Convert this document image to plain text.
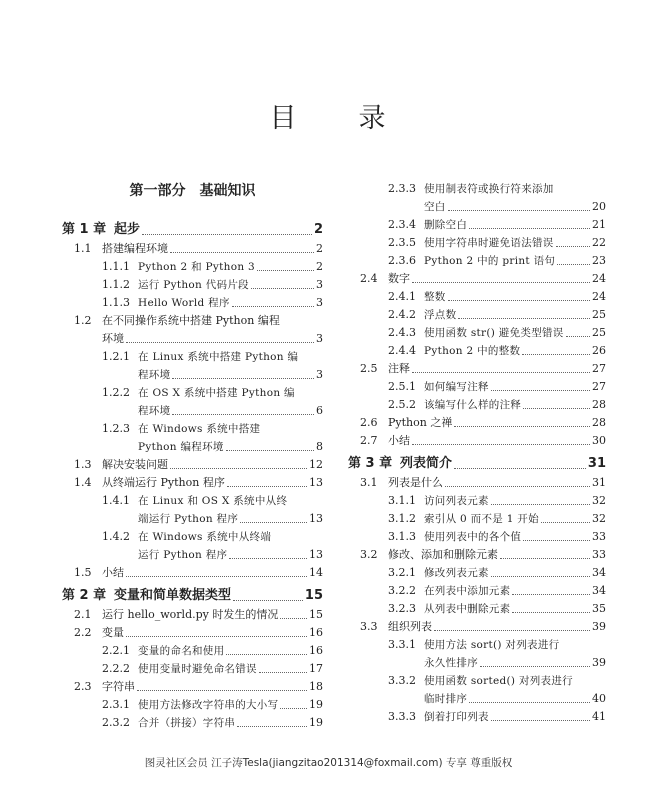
目 录
第一部分　基础知识
第 1 章 起步	2
1.1 搭建编程环境	2
1.1.1 Python 2 和 Python 3	2
1.1.2 运行 Python 代码片段	3
1.1.3 Hello World 程序	3
1.2 在不同操作系统中搭建 Python 编程
环境	3
1.2.1 在 Linux 系统中搭建 Python 编
程环境	3
1.2.2 在 OS X 系统中搭建 Python 编
程环境	6
1.2.3 在 Windows 系统中搭建
Python 编程环境	8
1.3 解决安装问题	12
1.4 从终端运行 Python 程序	13
1.4.1 在 Linux 和 OS X 系统中从终
端运行 Python 程序	13
1.4.2 在 Windows 系统中从终端
运行 Python 程序	13
1.5 小结	14
第 2 章 变量和简单数据类型	15
2.1 运行 hello_world.py 时发生的情况	15
2.2 变量	16
2.2.1 变量的命名和使用	16
2.2.2 使用变量时避免命名错误	17
2.3 字符串	18
2.3.1 使用方法修改字符串的大小写	19
2.3.2 合并（拼接）字符串	19
2.3.3 使用制表符或换行符来添加
空白	20
2.3.4 删除空白	21
2.3.5 使用字符串时避免语法错误	22
2.3.6 Python 2 中的 print 语句	23
2.4 数字	24
2.4.1 整数	24
2.4.2 浮点数	25
2.4.3 使用函数 str() 避免类型错误	25
2.4.4 Python 2 中的整数	26
2.5 注释	27
2.5.1 如何编写注释	27
2.5.2 该编写什么样的注释	28
2.6 Python 之禅	28
2.7 小结	30
第 3 章 列表简介	31
3.1 列表是什么	31
3.1.1 访问列表元素	32
3.1.2 索引从 0 而不是 1 开始	32
3.1.3 使用列表中的各个值	33
3.2 修改、添加和删除元素	33
3.2.1 修改列表元素	34
3.2.2 在列表中添加元素	34
3.2.3 从列表中删除元素	35
3.3 组织列表	39
3.3.1 使用方法 sort() 对列表进行
永久性排序	39
3.3.2 使用函数 sorted() 对列表进行
临时排序	40
3.3.3 倒着打印列表	41
图灵社区会员 江子涛Tesla(jiangzitao201314@foxmail.com) 专享 尊重版权
